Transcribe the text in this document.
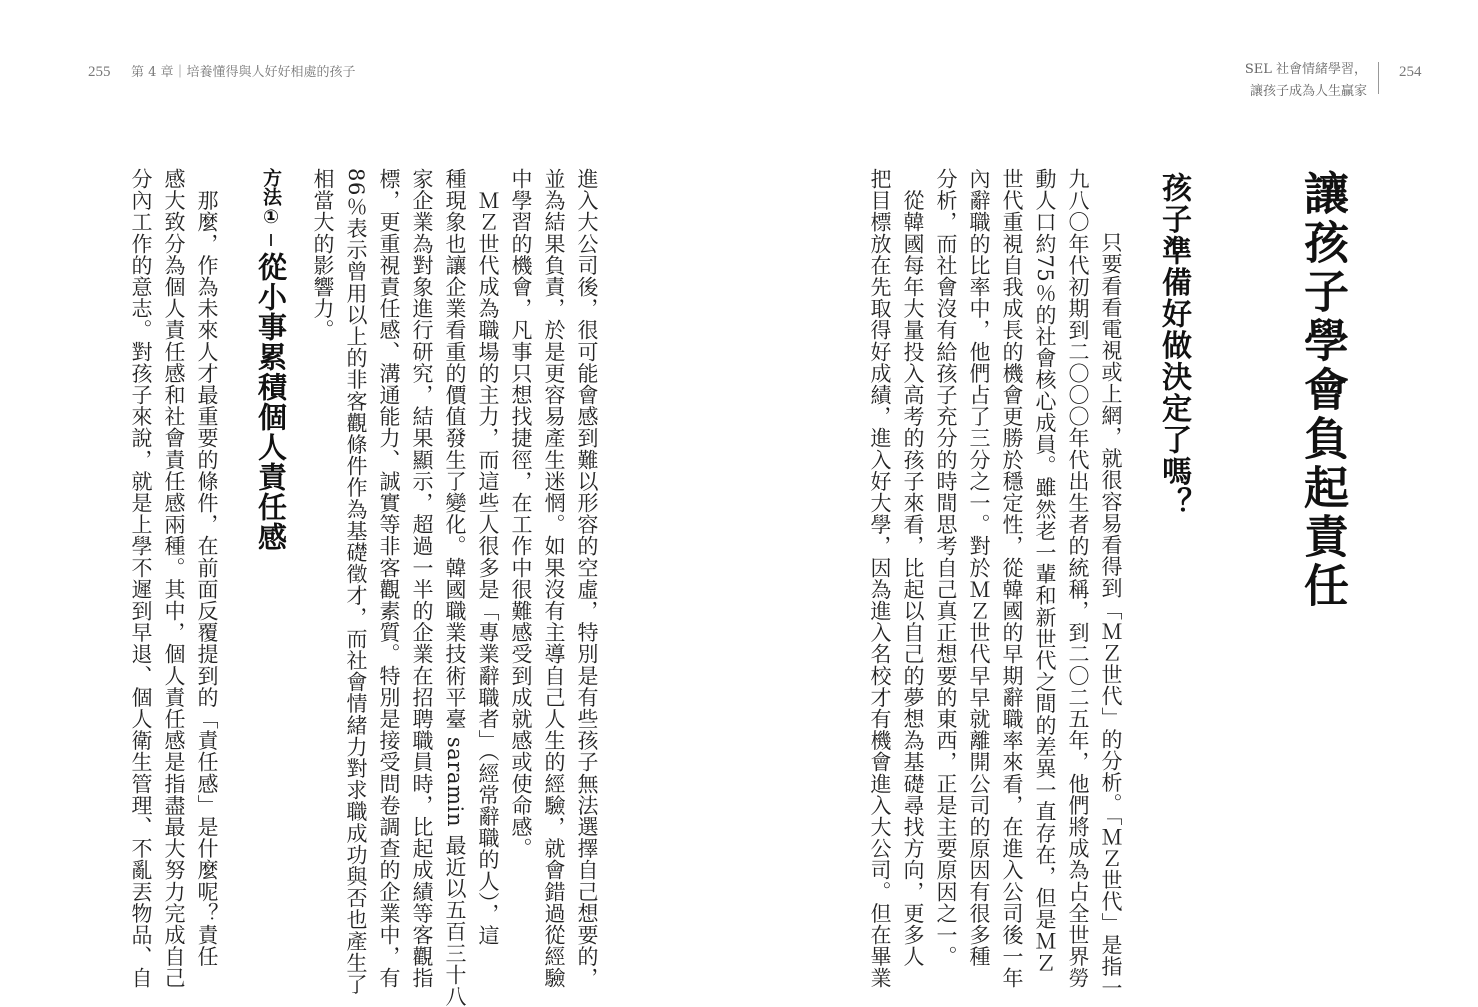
255 第 4 章｜培養懂得與人好好相處的孩子	SEL 社會情緒學習，
讓孩子成為人生贏家
254
讓孩子學會負起責任
孩子準備好做決定了嗎？
　只要看看電視或上網，就很容易看得到「ＭＺ世代」的分析。「ＭＺ世代」是指一
九八〇年代初期到二〇〇〇年代出生者的統稱，到二〇二五年，他們將成為占全世界勞
動人口約75％的社會核心成員。雖然老一輩和新世代之間的差異一直存在，但是ＭＺ
世代重視自我成長的機會更勝於穩定性，從韓國的早期辭職率來看，在進入公司後一年
內辭職的比率中，他們占了三分之一。對於ＭＺ世代早早就離開公司的原因有很多種
分析，而社會沒有給孩子充分的時間思考自己真正想要的東西，正是主要原因之一。
　從韓國每年大量投入高考的孩子來看，比起以自己的夢想為基礎尋找方向，更多人
把目標放在先取得好成績，進入好大學，因為進入名校才有機會進入大公司。但在畢業
進入大公司後，很可能會感到難以形容的空虛，特別是有些孩子無法選擇自己想要的，
並為結果負責，於是更容易產生迷惘。如果沒有主導自己人生的經驗，就會錯過從經驗
中學習的機會，凡事只想找捷徑，在工作中很難感受到成就感或使命感。
　ＭＺ世代成為職場的主力，而這些人很多是「專業辭職者」（經常辭職的人），這
種現象也讓企業看重的價值發生了變化。韓國職業技術平臺 saramin 最近以五百三十八
家企業為對象進行研究，結果顯示，超過一半的企業在招聘職員時，比起成績等客觀指
標，更重視責任感、溝通能力、誠實等非客觀素質。特別是接受問卷調查的企業中，有
86％表示曾用以上的非客觀條件作為基礎徵才，而社會情緒力對求職成功與否也產生了
相當大的影響力。
方法①從小事累積個人責任感
　那麼，作為未來人才最重要的條件，在前面反覆提到的「責任感」是什麼呢？責任
感大致分為個人責任感和社會責任感兩種。其中，個人責任感是指盡最大努力完成自己
分內工作的意志。對孩子來說，就是上學不遲到早退、個人衛生管理、不亂丟物品、自
